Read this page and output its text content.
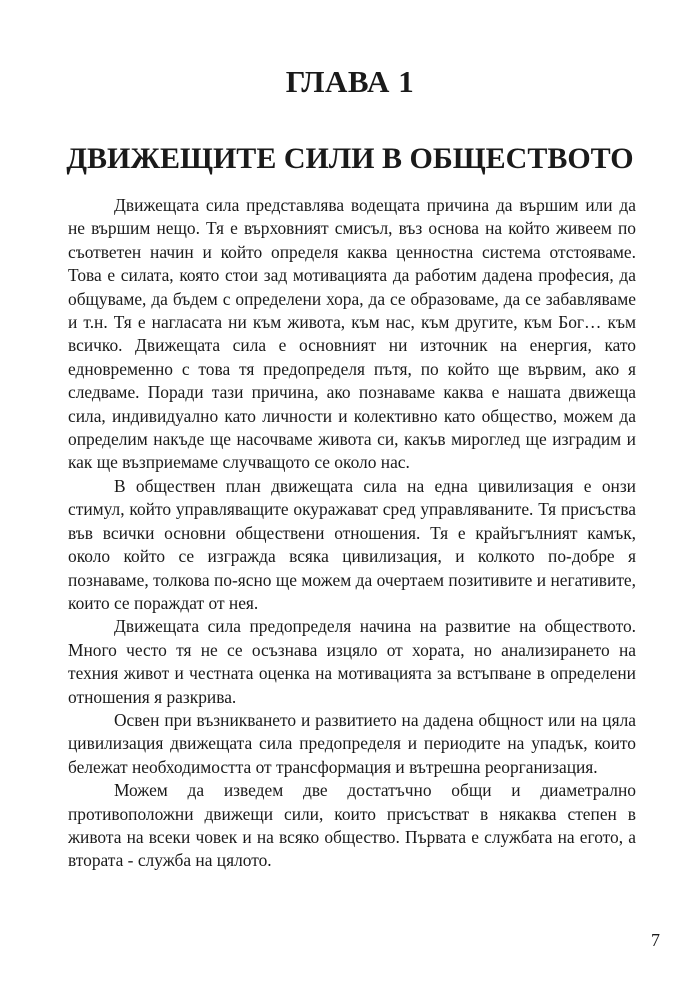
ГЛАВА 1
ДВИЖЕЩИТЕ СИЛИ В ОБЩЕСТВОТО

Движещата сила представлява водещата причина да вършим или да не вършим нещо. Тя е върховният смисъл, въз основа на който живеем по съответен начин и който определя каква ценностна система отстояваме. Това е силата, която стои зад мотивацията да работим дадена професия, да общуваме, да бъдем с определени хора, да се образоваме, да се забавляваме и т.н. Тя е нагласата ни към живота, към нас, към другите, към Бог… към всичко. Движещата сила е основният ни източник на енергия, като едновременно с това тя предопределя пътя, по който ще вървим, ако я следваме. Поради тази причина, ако познаваме каква е нашата движеща сила, индивидуално като личности и колективно като общество, можем да определим накъде ще насочваме живота си, какъв мироглед ще изградим и как ще възприемаме случващото се около нас.

В обществен план движещата сила на една цивилизация е онзи стимул, който управляващите окуражават сред управляваните. Тя присъства във всички основни обществени отношения. Тя е крайъгълният камък, около който се изгражда всяка цивилизация, и колкото по-добре я познаваме, толкова по-ясно ще можем да очертаем позитивите и негативите, които се пораждат от нея.

Движещата сила предопределя начина на развитие на обществото. Много често тя не се осъзнава изцяло от хората, но анализирането на техния живот и честната оценка на мотивацията за встъпване в определени отношения я разкрива.

Освен при възникването и развитието на дадена общност или на цяла цивилизация движещата сила предопределя и периодите на упадък, които бележат необходимостта от трансформация и вътрешна реорганизация.

Можем да изведем две достатъчно общи и диаметрално противоположни движещи сили, които присъстват в някаква степен в живота на всеки човек и на всяко общество. Първата е службата на егото, а втората - служба на цялото.

7
